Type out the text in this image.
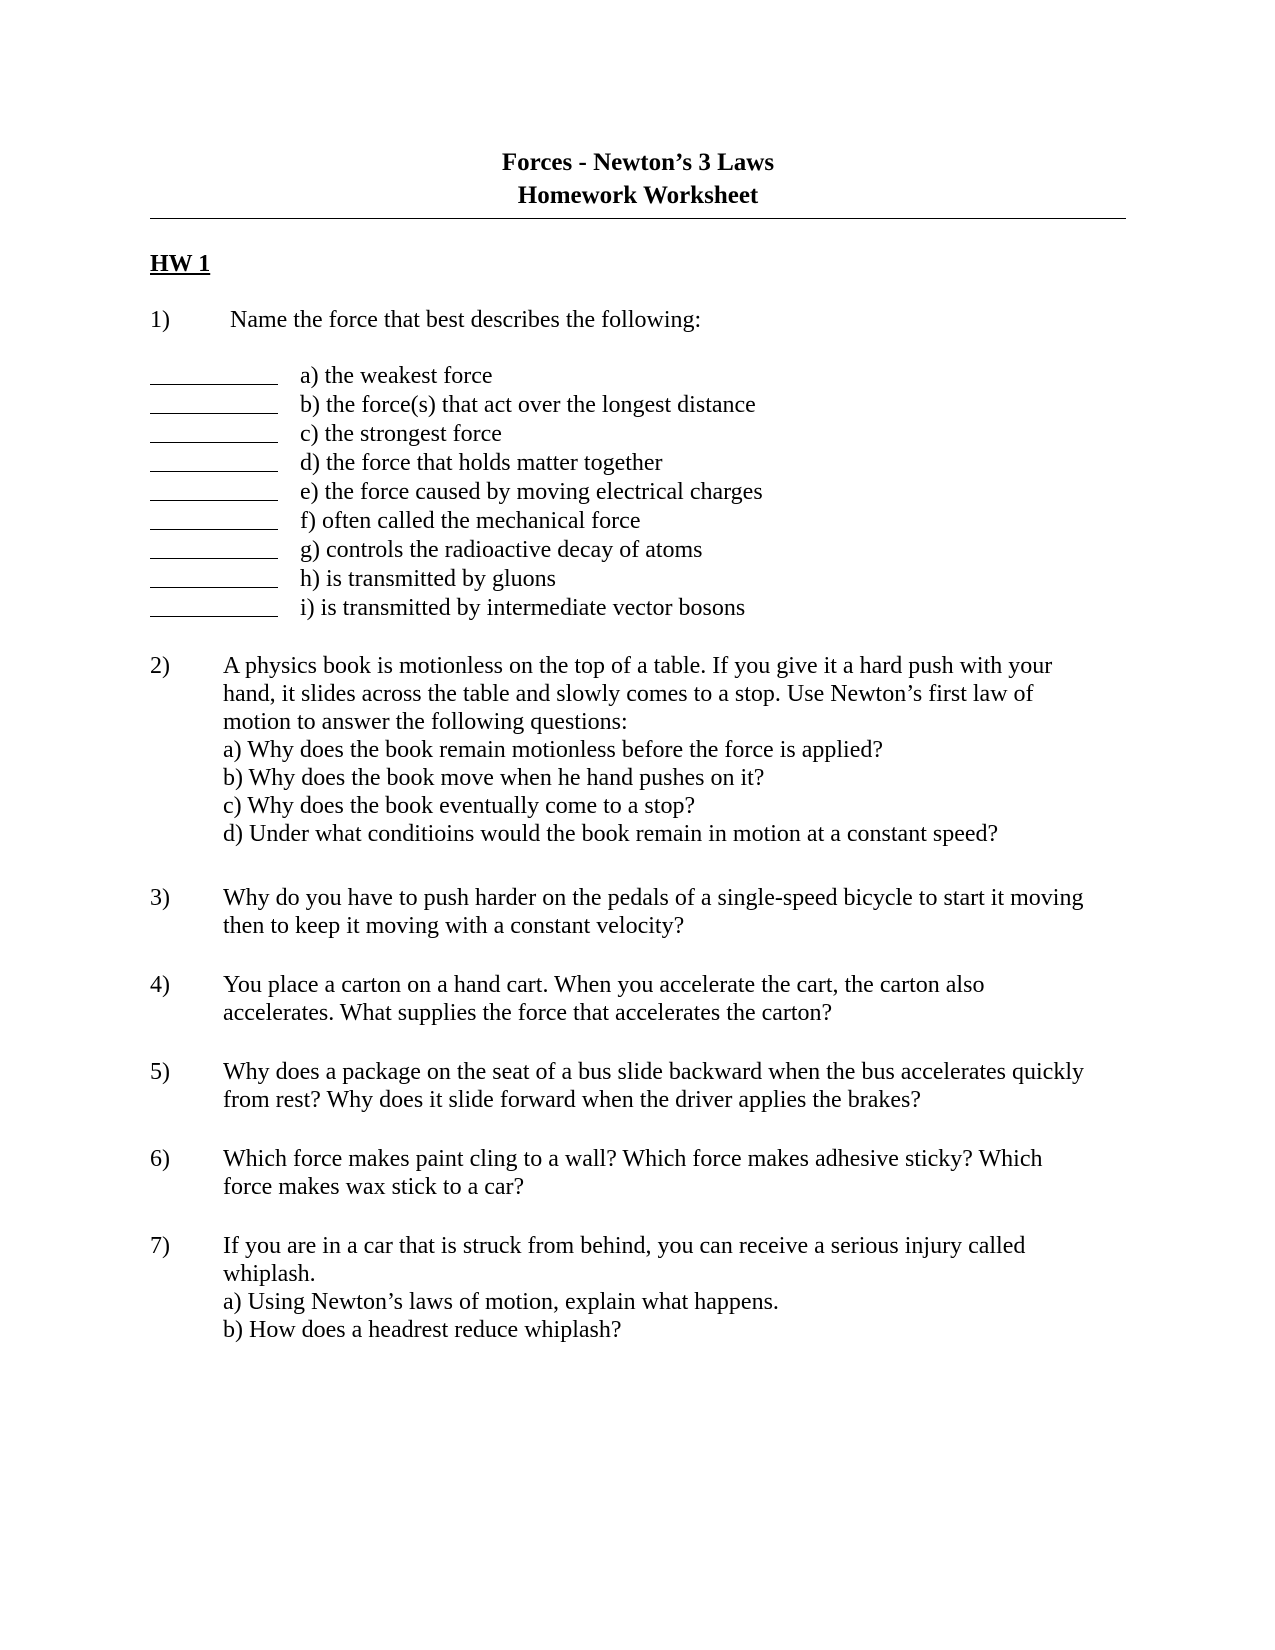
Forces - Newton’s 3 Laws
Homework Worksheet
HW 1
1)	Name the force that best describes the following:
a) the weakest force
b) the force(s) that act over the longest distance
c) the strongest force
d) the force that holds matter together
e) the force caused by moving electrical charges
f) often called the mechanical force
g) controls the radioactive decay of atoms
h) is transmitted by gluons
i) is transmitted by intermediate vector bosons
2) A physics book is motionless on the top of a table. If you give it a hard push with your
hand, it slides across the table and slowly comes to a stop. Use Newton’s first law of
motion to answer the following questions:
a) Why does the book remain motionless before the force is applied?
b) Why does the book move when he hand pushes on it?
c) Why does the book eventually come to a stop?
d) Under what conditioins would the book remain in motion at a constant speed?
3) Why do you have to push harder on the pedals of a single-speed bicycle to start it moving
then to keep it moving with a constant velocity?
4) You place a carton on a hand cart. When you accelerate the cart, the carton also
accelerates. What supplies the force that accelerates the carton?
5) Why does a package on the seat of a bus slide backward when the bus accelerates quickly
from rest? Why does it slide forward when the driver applies the brakes?
6) Which force makes paint cling to a wall? Which force makes adhesive sticky? Which
force makes wax stick to a car?
7) If you are in a car that is struck from behind, you can receive a serious injury called
whiplash.
a) Using Newton’s laws of motion, explain what happens.
b) How does a headrest reduce whiplash?
